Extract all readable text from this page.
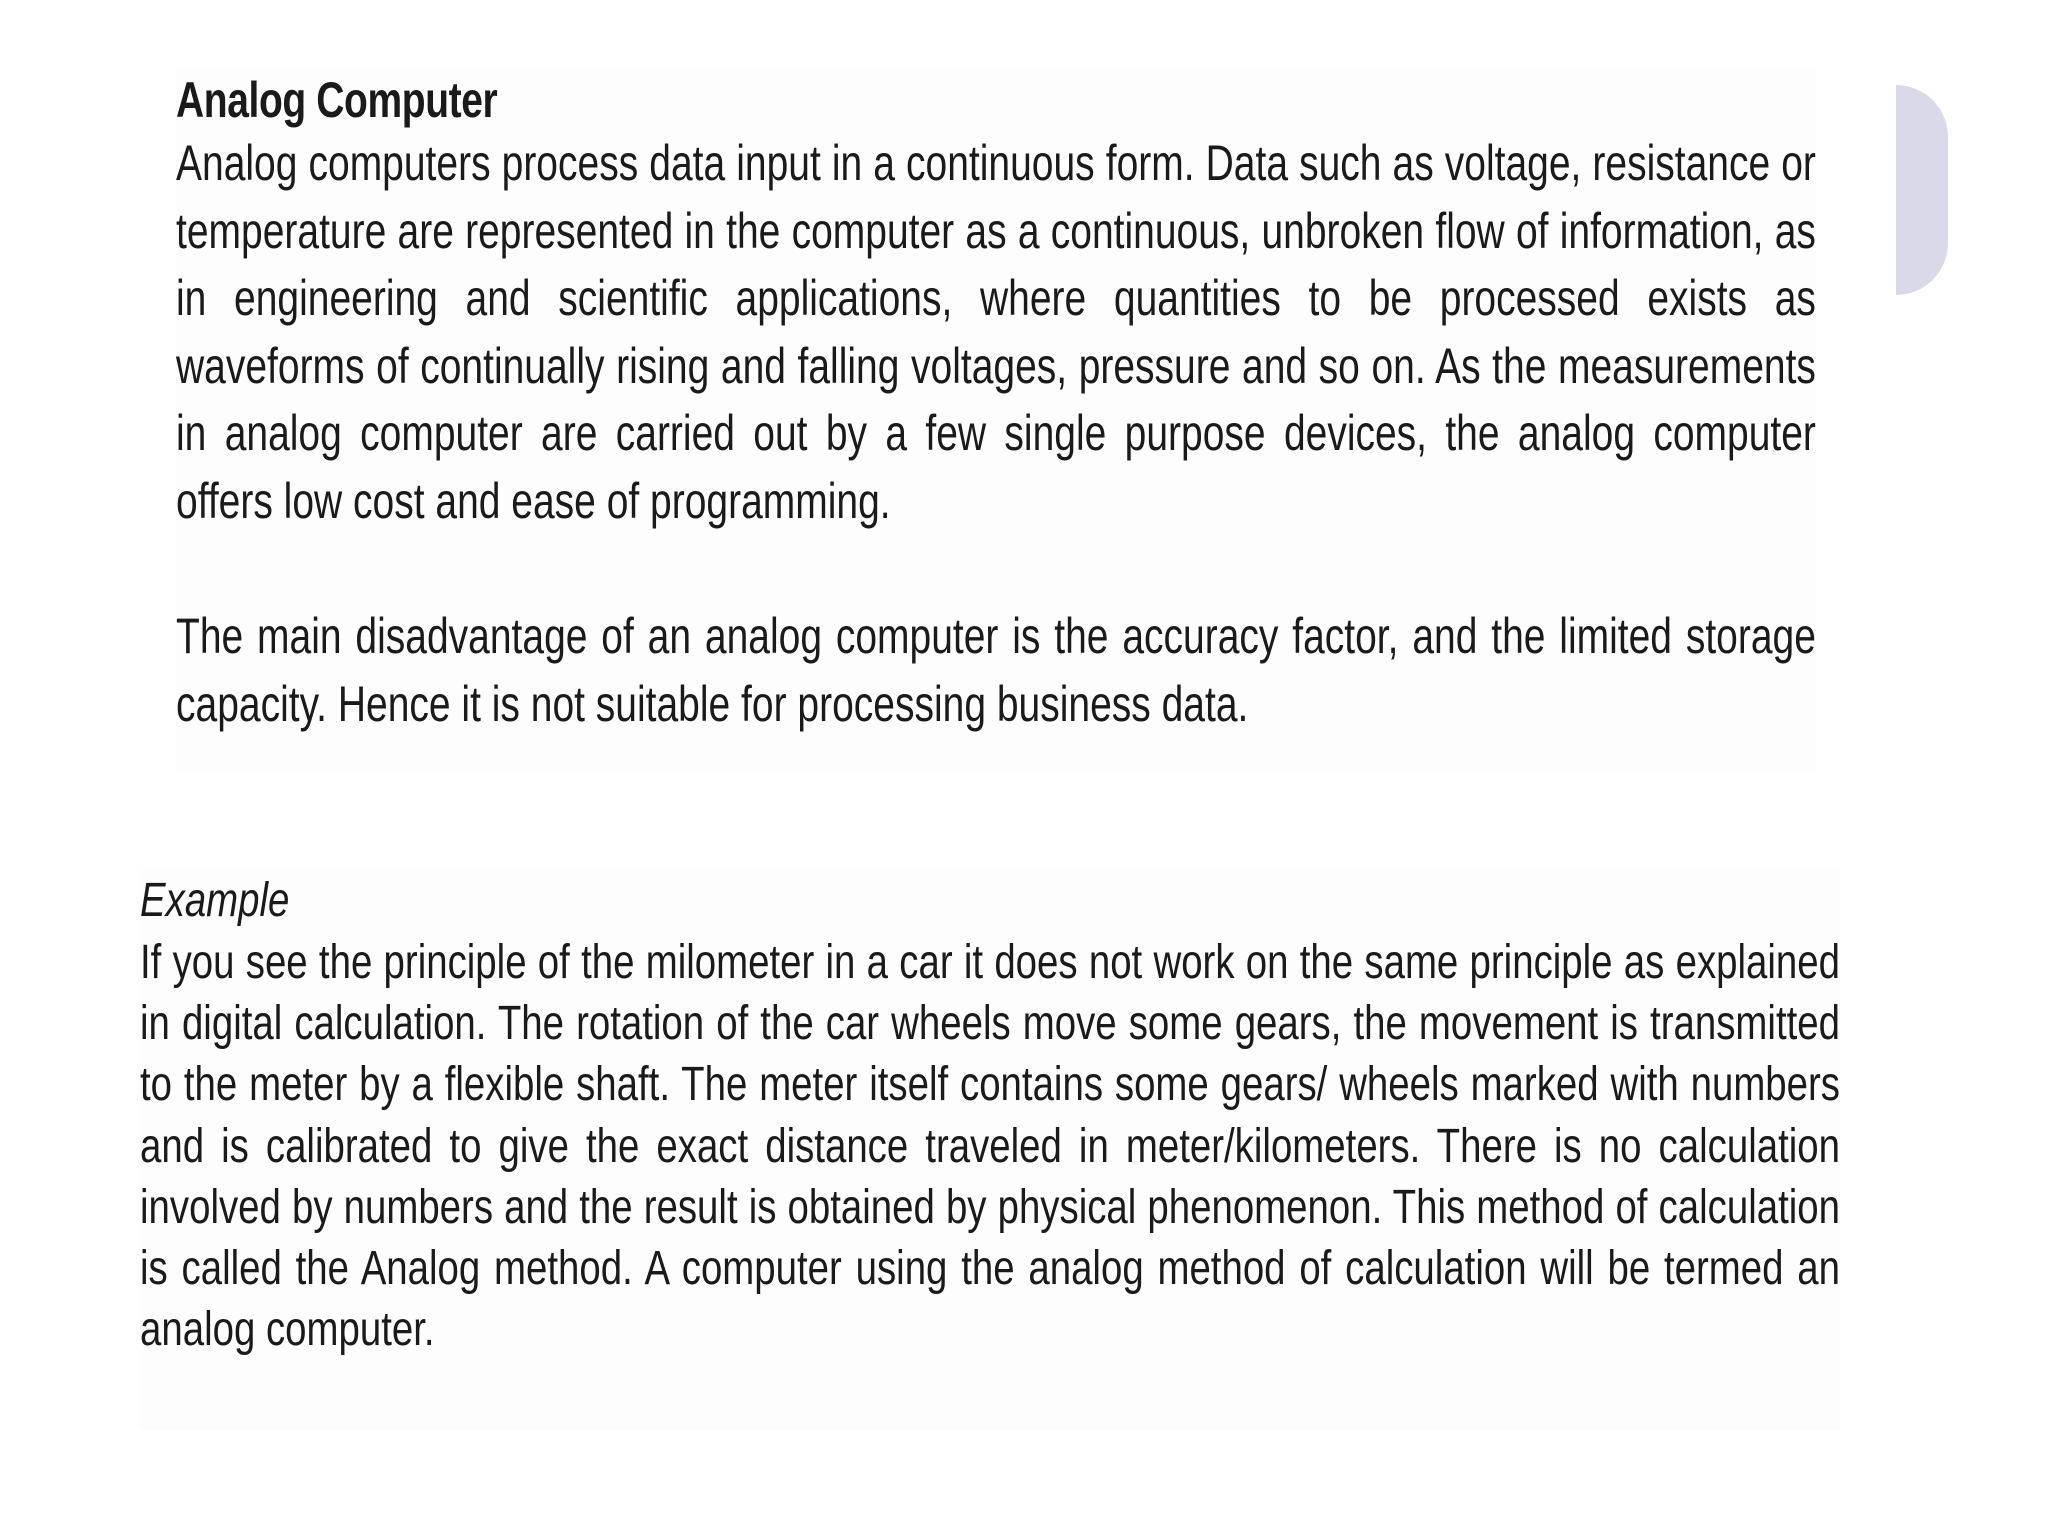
Analog Computer

Analog computers process data input in a continuous form. Data such as voltage, resistance or temperature are represented in the computer as a continuous, unbroken flow of information, as in engineering and scientific applications, where quantities to be processed exists as waveforms of continually rising and falling voltages, pressure and so on. As the measurements in analog computer are carried out by a few single purpose devices, the analog computer offers low cost and ease of programming.

The main disadvantage of an analog computer is the accuracy factor, and the limited storage capacity. Hence it is not suitable for processing business data.

Example

If you see the principle of the milometer in a car it does not work on the same principle as explained in digital calculation. The rotation of the car wheels move some gears, the movement is transmitted to the meter by a flexible shaft. The meter itself contains some gears/ wheels marked with numbers and is calibrated to give the exact distance traveled in meter/kilometers. There is no calculation involved by numbers and the result is obtained by physical phenomenon. This method of calculation is called the Analog method. A computer using the analog method of calculation will be termed an analog computer.
